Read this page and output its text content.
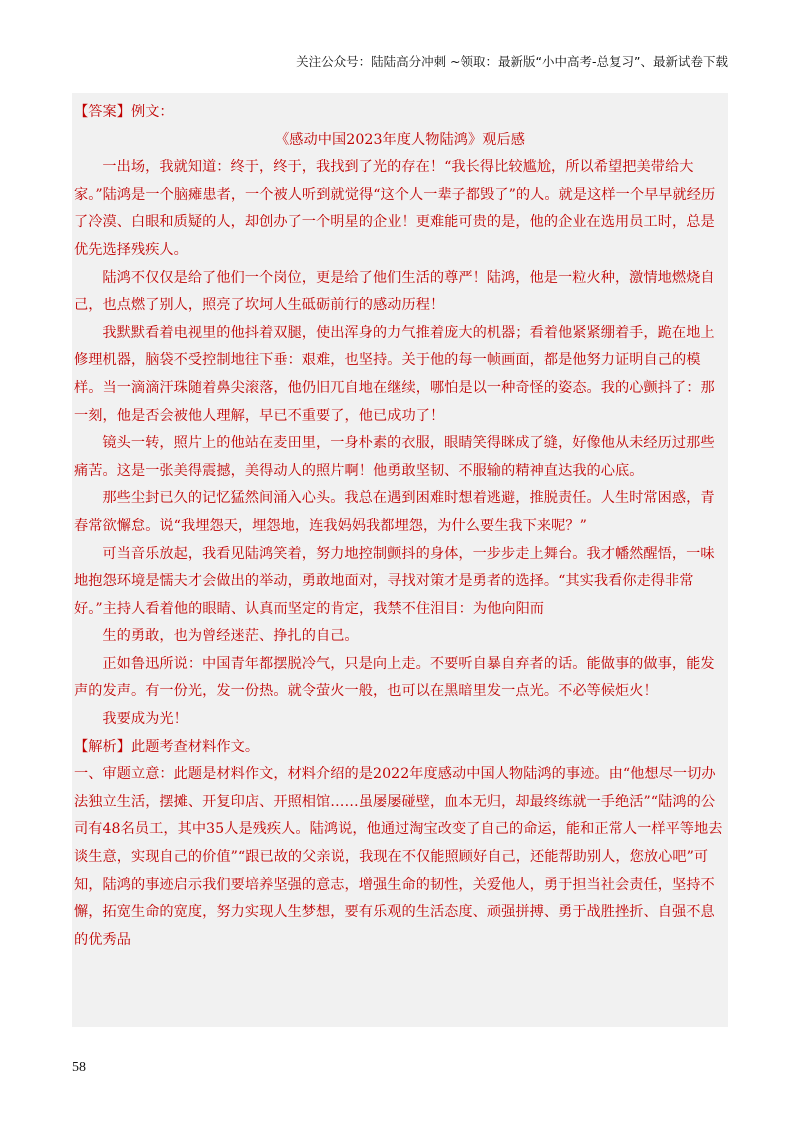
关注公众号：陆陆高分冲刺 ~领取：最新版“小中高考-总复习”、最新试卷下载

【答案】例文：

《感动中国2023年度人物陆鸿》观后感

一出场，我就知道：终于，终于，我找到了光的存在！“我长得比较尴尬，所以希望把美带给大家。”陆鸿是一个脑瘫患者，一个被人听到就觉得“这个人一辈子都毁了”的人。就是这样一个早早就经历了冷漠、白眼和质疑的人，却创办了一个明星的企业！更难能可贵的是，他的企业在选用员工时，总是优先选择残疾人。

陆鸿不仅仅是给了他们一个岗位，更是给了他们生活的尊严！陆鸿，他是一粒火种，激情地燃烧自己，也点燃了别人，照亮了坎坷人生砥砺前行的感动历程！

我默默看着电视里的他抖着双腿，使出浑身的力气推着庞大的机器；看着他紧紧绷着手，跪在地上修理机器，脑袋不受控制地往下垂：艰难，也坚持。关于他的每一帧画面，都是他努力证明自己的模样。当一滴滴汗珠随着鼻尖滚落，他仍旧兀自地在继续，哪怕是以一种奇怪的姿态。我的心颤抖了：那一刻，他是否会被他人理解，早已不重要了，他已成功了！

镜头一转，照片上的他站在麦田里，一身朴素的衣服，眼睛笑得眯成了缝，好像他从未经历过那些痛苦。这是一张美得震撼，美得动人的照片啊！他勇敢坚韧、不服输的精神直达我的心底。

那些尘封已久的记忆猛然间涌入心头。我总在遇到困难时想着逃避，推脱责任。人生时常困惑，青春常欲懈怠。说“我埋怨天，埋怨地，连我妈妈我都埋怨，为什么要生我下来呢？”

可当音乐放起，我看见陆鸿笑着，努力地控制颤抖的身体，一步步走上舞台。我才幡然醒悟，一味地抱怨环境是懦夫才会做出的举动，勇敢地面对，寻找对策才是勇者的选择。“其实我看你走得非常好。”主持人看着他的眼睛、认真而坚定的肯定，我禁不住泪目：为他向阳而

生的勇敢，也为曾经迷茫、挣扎的自己。

正如鲁迅所说：中国青年都摆脱冷气，只是向上走。不要听自暴自弃者的话。能做事的做事，能发声的发声。有一份光，发一份热。就令萤火一般，也可以在黑暗里发一点光。不必等候炬火！

我要成为光！

【解析】此题考查材料作文。

一、审题立意：此题是材料作文，材料介绍的是2022年度感动中国人物陆鸿的事迹。由“他想尽一切办法独立生活，摆摊、开复印店、开照相馆……虽屡屡碰壁，血本无归，却最终练就一手绝活”“陆鸿的公司有48名员工，其中35人是残疾人。陆鸿说，他通过淘宝改变了自己的命运，能和正常人一样平等地去谈生意，实现自己的价值”“跟已故的父亲说，我现在不仅能照顾好自己，还能帮助别人，您放心吧”可知，陆鸿的事迹启示我们要培养坚强的意志，增强生命的韧性，关爱他人，勇于担当社会责任，坚持不懈，拓宽生命的宽度，努力实现人生梦想，要有乐观的生活态度、顽强拼搏、勇于战胜挫折、自强不息的优秀品

58
